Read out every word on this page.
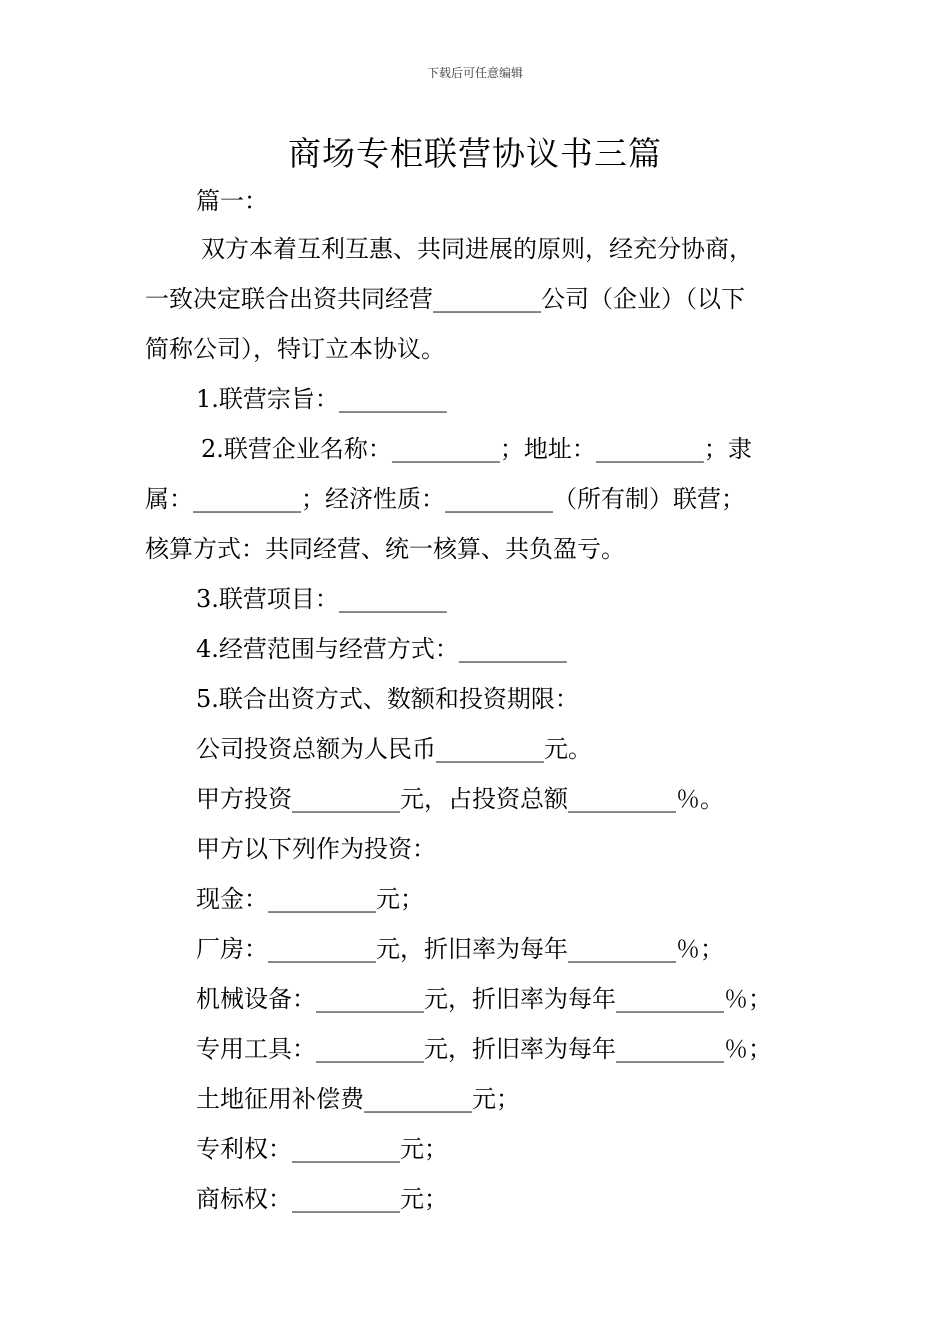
下载后可任意编辑
商场专柜联营协议书三篇
篇一：
双方本着互利互惠、共同进展的原则，经充分协商，
一致决定联合出资共同经营_________公司（企业）（以下
简称公司），特订立本协议。
1.联营宗旨：_________
2.联营企业名称：_________；地址：_________；隶
属：_________；经济性质：_________（所有制）联营；
核算方式：共同经营、统一核算、共负盈亏。
3.联营项目：_________
4.经营范围与经营方式：_________
5.联合出资方式、数额和投资期限：
公司投资总额为人民币_________元。
甲方投资_________元，占投资总额_________％。
甲方以下列作为投资：
现金：_________元；
厂房：_________元，折旧率为每年_________％；
机械设备：_________元，折旧率为每年_________％；
专用工具：_________元，折旧率为每年_________％；
土地征用补偿费_________元；
专利权：_________元；
商标权：_________元；
